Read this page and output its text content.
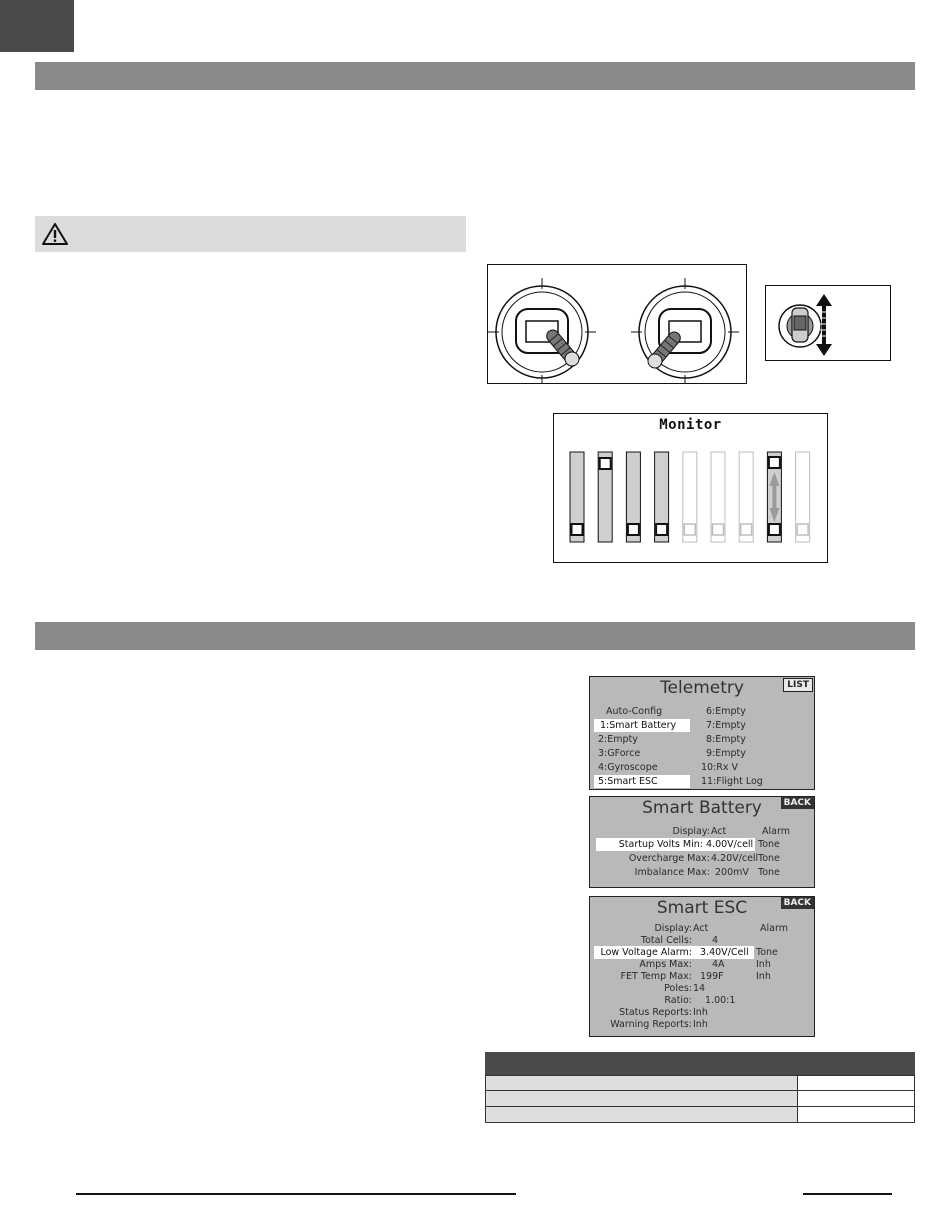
Monitor
Telemetry	LIST
Auto-Config
1:Smart Battery
2:Empty
3:GForce
4:Gyroscope
5:Smart ESC
6:Empty
7:Empty
8:Empty
9:Empty
10:Rx V
11:Flight Log
Smart Battery	BACK
Display: Act	Alarm
Startup Volts Min: 4.00V/cell Tone
Overcharge Max: 4.20V/cell Tone
Imbalance Max: 200mV Tone
Smart ESC	BACK
Display: Act	Alarm
Total Cells: 4
Low Voltage Alarm: 3.40V/Cell Tone
Amps Max: 4A	Inh
FET Temp Max: 199F	Inh
Poles: 14
Ratio: 1.00:1
Status Reports: Inh
Warning Reports: Inh
